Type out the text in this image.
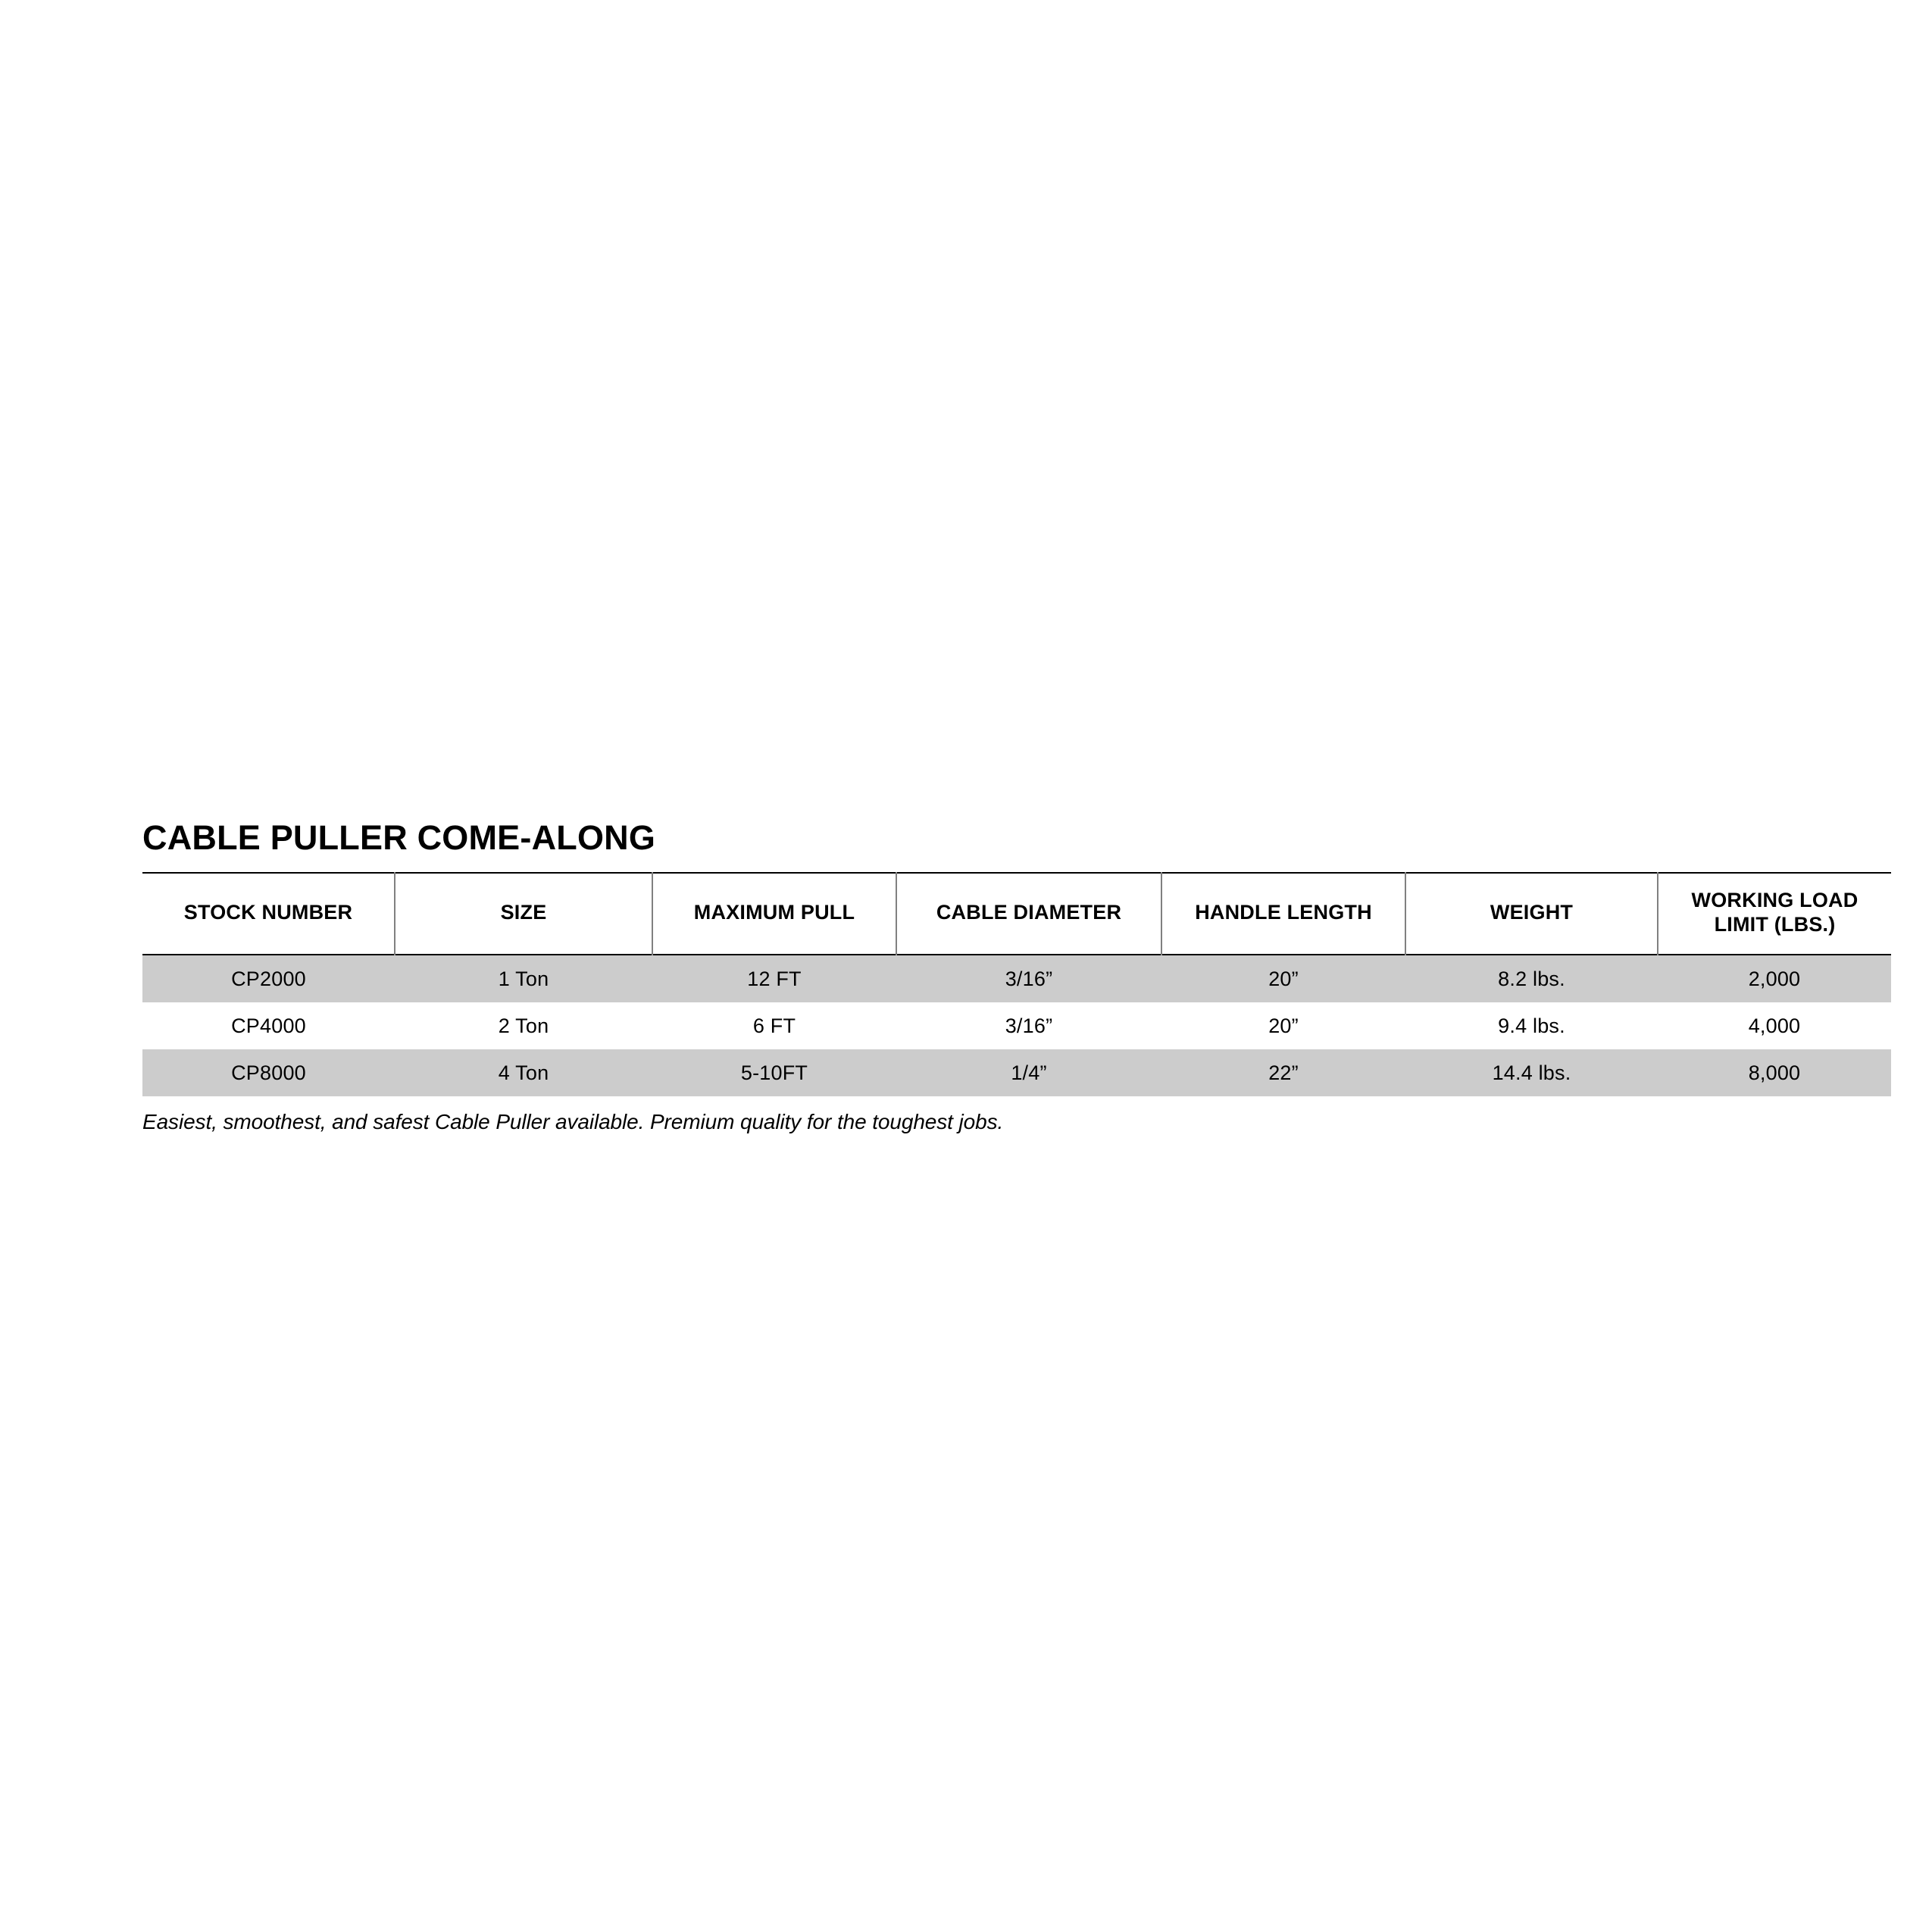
CABLE PULLER COME-ALONG
STOCK NUMBER	SIZE	MAXIMUM PULL	CABLE DIAMETER	HANDLE LENGTH	WEIGHT	WORKING LOAD LIMIT (LBS.)
CP2000	1 Ton	12 FT	3/16”	20”	8.2 lbs.	2,000
CP4000	2 Ton	6 FT	3/16”	20”	9.4 lbs.	4,000
CP8000	4 Ton	5-10FT	1/4”	22”	14.4 lbs.	8,000
Easiest, smoothest, and safest Cable Puller available. Premium quality for the toughest jobs.
